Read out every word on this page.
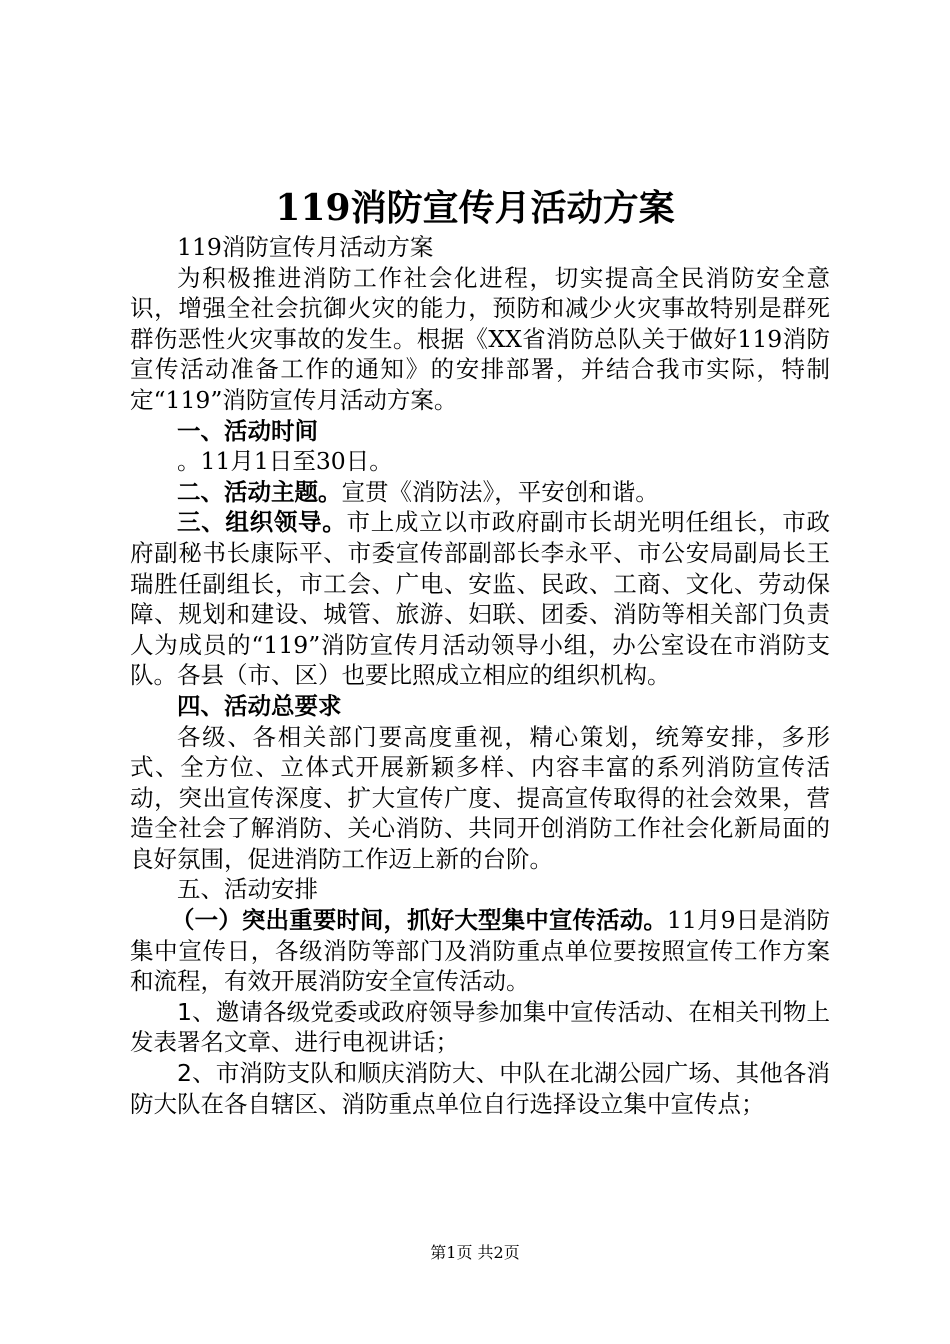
119消防宣传月活动方案

119消防宣传月活动方案

为积极推进消防工作社会化进程，切实提高全民消防安全意识，增强全社会抗御火灾的能力，预防和减少火灾事故特别是群死群伤恶性火灾事故的发生。根据《XX省消防总队关于做好119消防宣传活动准备工作的通知》的安排部署，并结合我市实际，特制定“119”消防宣传月活动方案。

一、活动时间

。11月1日至30日。

二、活动主题。宣贯《消防法》，平安创和谐。

三、组织领导。市上成立以市政府副市长胡光明任组长，市政府副秘书长康际平、市委宣传部副部长李永平、市公安局副局长王瑞胜任副组长，市工会、广电、安监、民政、工商、文化、劳动保障、规划和建设、城管、旅游、妇联、团委、消防等相关部门负责人为成员的“119”消防宣传月活动领导小组，办公室设在市消防支队。各县（市、区）也要比照成立相应的组织机构。

四、活动总要求

各级、各相关部门要高度重视，精心策划，统筹安排，多形式、全方位、立体式开展新颖多样、内容丰富的系列消防宣传活动，突出宣传深度、扩大宣传广度、提高宣传取得的社会效果，营造全社会了解消防、关心消防、共同开创消防工作社会化新局面的良好氛围，促进消防工作迈上新的台阶。

五、活动安排

（一）突出重要时间，抓好大型集中宣传活动。11月9日是消防集中宣传日，各级消防等部门及消防重点单位要按照宣传工作方案和流程，有效开展消防安全宣传活动。

1、邀请各级党委或政府领导参加集中宣传活动、在相关刊物上发表署名文章、进行电视讲话；

2、市消防支队和顺庆消防大、中队在北湖公园广场、其他各消防大队在各自辖区、消防重点单位自行选择设立集中宣传点；

第1页 共2页
